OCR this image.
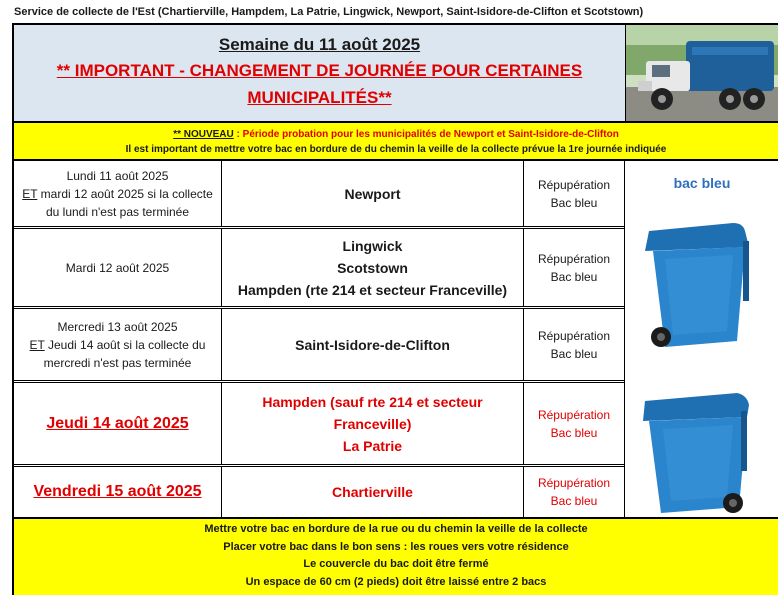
Service de collecte de l'Est (Chartierville, Hampdem, La Patrie, Lingwick, Newport, Saint-Isidore-de-Clifton et Scotstown)
Semaine du 11 août 2025
** IMPORTANT - CHANGEMENT DE JOURNÉE POUR CERTAINES
MUNICIPALITÉS**
** NOUVEAU : Période probation pour les municipalités de Newport et Saint-Isidore-de-Clifton
Il est important de mettre votre bac en bordure de du chemin la veille de la collecte prévue la 1re journée indiquée
Lundi 11 août 2025
ET mardi 12 août 2025 si la collecte
du lundi n'est pas terminée
Newport
Répupération
Bac bleu
Mardi 12 août 2025
Lingwick
Scotstown
Hampden (rte 214 et secteur Franceville)
Répupération
Bac bleu
Mercredi 13 août 2025
ET Jeudi 14 août si la collecte du
mercredi n'est pas terminée
Saint-Isidore-de-Clifton
Répupération
Bac bleu
Jeudi 14 août 2025
Hampden (sauf rte 214 et secteur
Franceville)
La Patrie
Répupération
Bac bleu
Vendredi 15 août 2025	Chartierville
Répupération
Bac bleu
bac bleu
Mettre votre bac en bordure de la rue ou du chemin la veille de la collecte
Placer votre bac dans le bon sens : les roues vers votre résidence
Le couvercle du bac doit être fermé
Un espace de 60 cm (2 pieds) doit être laissé entre 2 bacs
